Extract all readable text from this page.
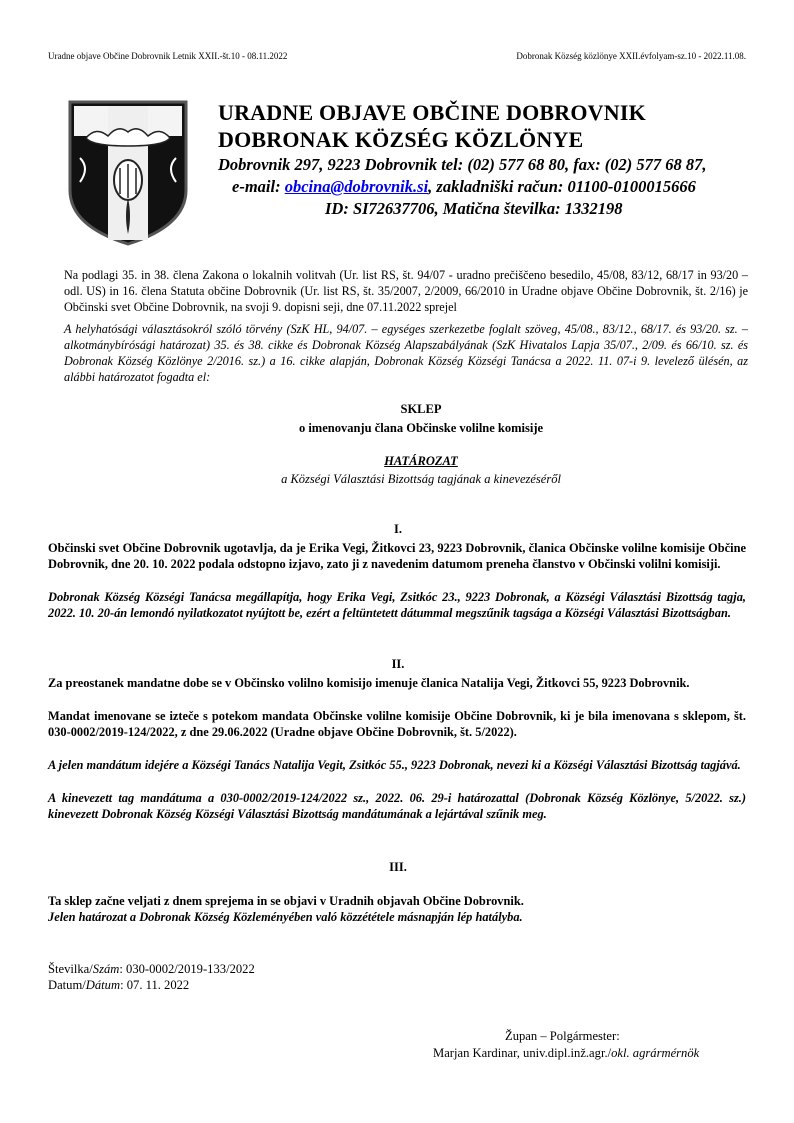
Uradne objave Občine Dobrovnik Letnik XXII.-št.10 - 08.11.2022	Dobronak Község közlönye XXII.évfolyam-sz.10 - 2022.11.08.
URADNE OBJAVE OBČINE DOBROVNIK
DOBRONAK KÖZSÉG KÖZLÖNYE
Dobrovnik 297, 9223 Dobrovnik tel: (02) 577 68 80, fax: (02) 577 68 87,
e-mail: obcina@dobrovnik.si, zakladniški račun: 01100-0100015666
ID: SI72637706, Matična številka: 1332198
Na podlagi 35. in 38. člena Zakona o lokalnih volitvah (Ur. list RS, št. 94/07 - uradno prečiščeno besedilo, 45/08, 83/12, 68/17 in 93/20 – odl. US) in 16. člena Statuta občine Dobrovnik (Ur. list RS, št. 35/2007, 2/2009, 66/2010 in Uradne objave Občine Dobrovnik, št. 2/16) je Občinski svet Občine Dobrovnik, na svoji 9. dopisni seji, dne 07.11.2022 sprejel
A helyhatósági választásokról szóló törvény (SzK HL, 94/07. – egységes szerkezetbe foglalt szöveg, 45/08., 83/12., 68/17. és 93/20. sz. – alkotmánybírósági határozat) 35. és 38. cikke és Dobronak Község Alapszabályának (SzK Hivatalos Lapja 35/07., 2/09. és 66/10. sz. és Dobronak Község Közlönye 2/2016. sz.) a 16. cikke alapján, Dobronak Község Községi Tanácsa a 2022. 11. 07-i 9. levelező ülésén, az alábbi határozatot fogadta el:
SKLEP
o imenovanju člana Občinske volilne komisije
HATÁROZAT
a Községi Választási Bizottság tagjának a kinevezéséről
I.
Občinski svet Občine Dobrovnik ugotavlja, da je Erika Vegi, Žitkovci 23, 9223 Dobrovnik, članica Občinske volilne komisije Občine Dobrovnik, dne 20. 10. 2022 podala odstopno izjavo, zato ji z navedenim datumom preneha članstvo v Občinski volilni komisiji.
Dobronak Község Községi Tanácsa megállapítja, hogy Erika Vegi, Zsitkóc 23., 9223 Dobronak, a Községi Választási Bizottság tagja, 2022. 10. 20-án lemondó nyilatkozatot nyújtott be, ezért a feltüntetett dátummal megszűnik tagsága a Községi Választási Bizottságban.
II.
Za preostanek mandatne dobe se v Občinsko volilno komisijo imenuje članica Natalija Vegi, Žitkovci 55, 9223 Dobrovnik.
Mandat imenovane se izteče s potekom mandata Občinske volilne komisije Občine Dobrovnik, ki je bila imenovana s sklepom, št. 030-0002/2019-124/2022, z dne 29.06.2022 (Uradne objave Občine Dobrovnik, št. 5/2022).
A jelen mandátum idejére a Községi Tanács Natalija Vegit, Zsitkóc 55., 9223 Dobronak, nevezi ki a Községi Választási Bizottság tagjává.
A kinevezett tag mandátuma a 030-0002/2019-124/2022 sz., 2022. 06. 29-i határozattal (Dobronak Község Közlönye, 5/2022. sz.) kinevezett Dobronak Község Községi Választási Bizottság mandátumának a lejártával szűnik meg.
III.
Ta sklep začne veljati z dnem sprejema in se objavi v Uradnih objavah Občine Dobrovnik.
Jelen határozat a Dobronak Község Közleményében való közzététele másnapján lép hatályba.
Številka/Szám: 030-0002/2019-133/2022
Datum/Dátum: 07. 11. 2022
Župan – Polgármester:
Marjan Kardinar, univ.dipl.inž.agr./okl. agrármérnök
